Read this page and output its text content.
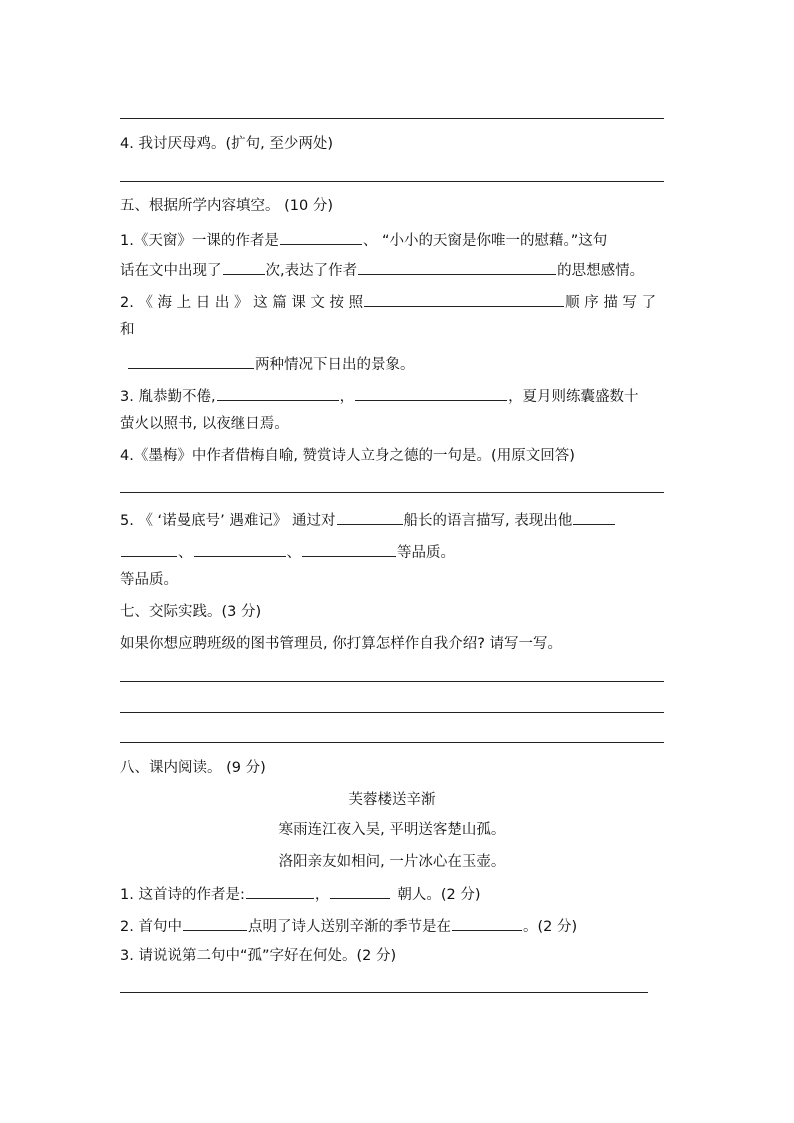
4. 我讨厌母鸡。(扩句, 至少两处)
五、根据所学内容填空。 (10 分)
1.《天窗》一课的作者是	、 “小小的天窗是你唯一的慰藉。”这句
话在文中出现了	次,表达了作者	的思想感情。
2. 《 海 上 日 出 》 这 篇 课 文 按 照	顺 序 描 写 了
和
两种情况下日出的景象。
3. 胤恭勤不倦,	，	，夏月则练囊盛数十
萤火以照书, 以夜继日焉。
4.《墨梅》中作者借梅自喻, 赞赏诗人立身之德的一句是。(用原文回答)
5. 《 ‘诺曼底号’ 遇难记》 通过对	船长的语言描写, 表现出他
、	、	等品质。
等品质。
七、交际实践。(3 分)
如果你想应聘班级的图书管理员, 你打算怎样作自我介绍? 请写一写。
八、课内阅读。 (9 分)
芙蓉楼送辛渐
寒雨连江夜入吴, 平明送客楚山孤。
洛阳亲友如相问, 一片冰心在玉壶。
1. 这首诗的作者是:	，	朝人。(2 分)
2. 首句中	点明了诗人送别辛渐的季节是在	。(2 分)
3. 请说说第二句中“孤”字好在何处。(2 分)
